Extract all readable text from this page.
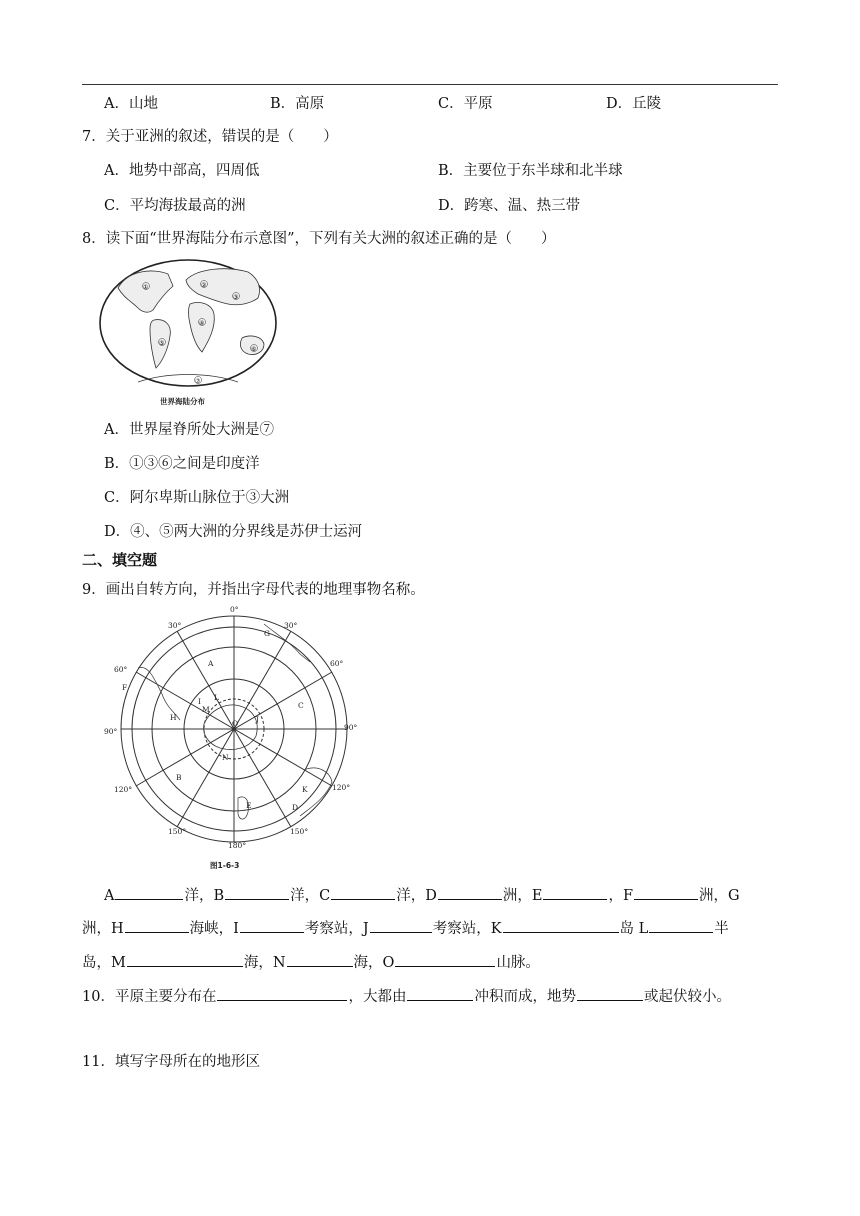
A．山地	B．高原	C．平原	D．丘陵
7．关于亚洲的叙述，错误的是（　　）
A．地势中部高，四周低	B．主要位于东半球和北半球
C．平均海拔最高的洲	D．跨寒、温、热三带
8．读下面“世界海陆分布示意图”，下列有关大洲的叙述正确的是（　　）
世界海陆分布
①	②
③
④
⑤
⑥
⑦
A．世界屋脊所处大洲是⑦
B．①③⑥之间是印度洋
C．阿尔卑斯山脉位于③大洲
D．④、⑤两大洲的分界线是苏伊士运河
二、填空题
9．画出自转方向，并指出字母代表的地理事物名称。
0°
30°
60°
90°
120°
150°
180°
150°
120°
90°
60°
30°
A
B
C
D
E
F
G
H
I
J
K
L
M
N
O
图1-6-3
A	洋，B	洋，C	洋，D	洲，E	，F	洲，G
洲，H	海峡，I	考察站，J	考察站，K	岛 L	半
岛，M	海，N	海，O	山脉。
10．平原主要分布在	，大都由	冲积而成，地势	或起伏较小。
11．填写字母所在的地形区
